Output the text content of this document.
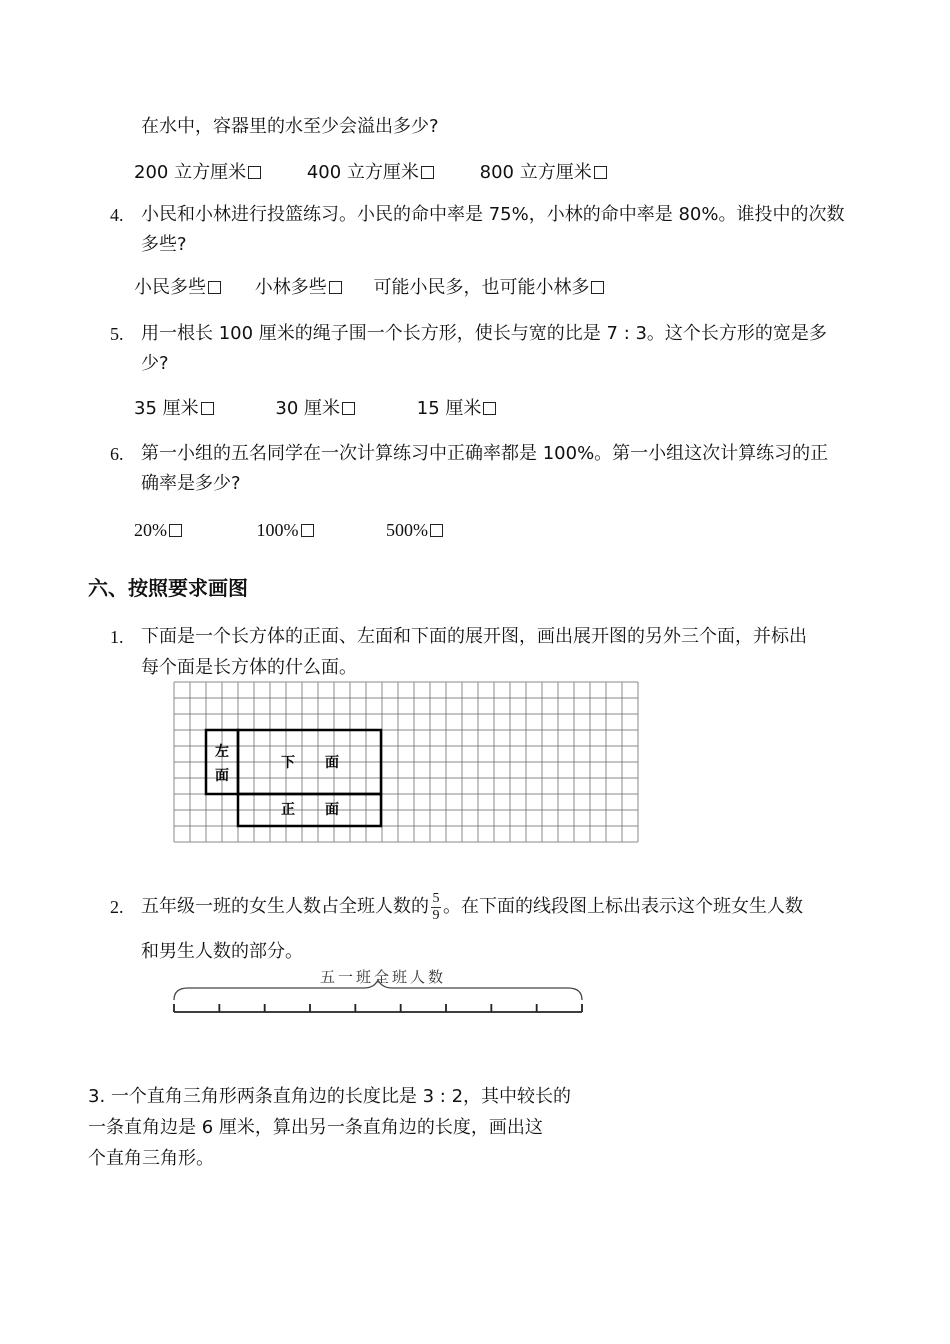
在水中，容器里的水至少会溢出多少?
200 立方厘米	400 立方厘米	800 立方厘米
4. 小民和小林进行投篮练习。小民的命中率是 75%，小林的命中率是 80%。谁投中的次数
多些?
小民多些	小林多些	可能小民多，也可能小林多
5. 用一根长 100 厘米的绳子围一个长方形，使长与宽的比是 7 : 3。这个长方形的宽是多
少?
35 厘米	30 厘米	15 厘米
6. 第一小组的五名同学在一次计算练习中正确率都是 100%。第一小组这次计算练习的正
确率是多少?
20%	100%	500%
六、按照要求画图
1. 下面是一个长方体的正面、左面和下面的展开图，画出展开图的另外三个面，并标出
每个面是长方体的什么面。
左
面
下 面
正 面
2. 五年级一班的女生人数占全班人数的 $\frac{5}{9}$ 。在下面的线段图上标出表示这个班女生人数
和男生人数的部分。
五一班全班人数
3. 一个直角三角形两条直角边的长度比是 3 : 2，其中较长的
一条直角边是 6 厘米，算出另一条直角边的长度，画出这
个直角三角形。
